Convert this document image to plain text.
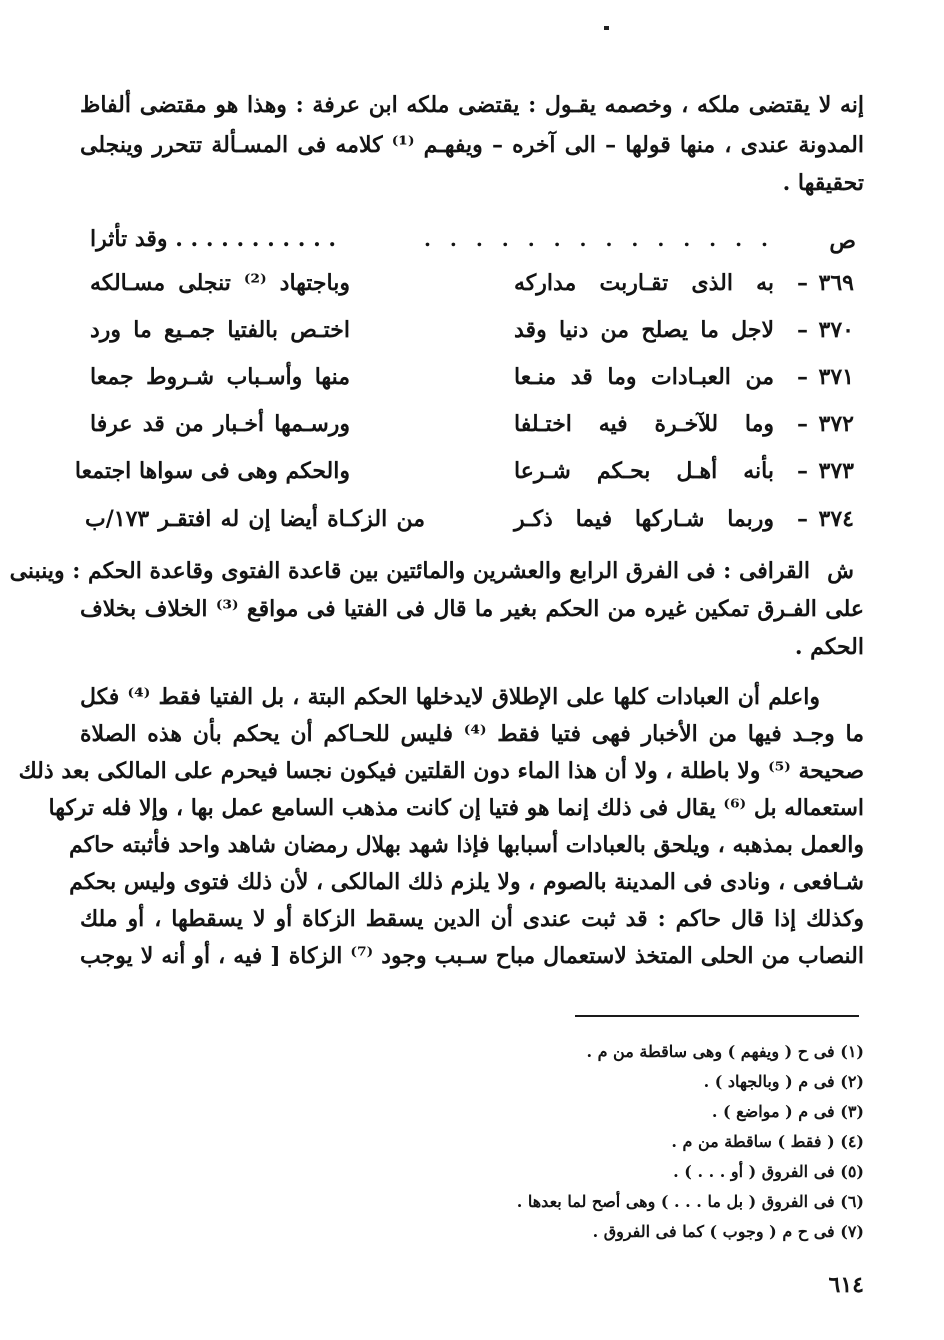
إنه لا يقتضى ملكه ، وخصمه يقـول : يقتضى ملكه ابن عرفة : وهذا هو مقتضى ألفاظ
المدونة عندى ، منها قولها – الى آخره – ويفهـم ⁽¹⁾ كلامه فى المسـألة تتحرر وينجلى
تحقيقها .
ص
. . . . . . . . . . . . . .
. . . . . . . . . . . وقد تأثرا
٣٦٩
–
به الذى تقـاربت مداركه
وباجتهاد ⁽²⁾ تنجلى مسـالكه
٣٧٠
–
لاجل ما يصلح من دنيا وقد
اختـص بالفتيا جمـيع ما ورد
٣٧١
–
من العبـادات وما قد منـعا
منها وأسـباب شـروط جمعا
٣٧٢
–
وما للآخـرة فيه اختـلفا
ورسـمها أخـبار من قد عرفا
٣٧٣
–
بأنه أهـل بحـكم شـرعا
والحكم وهى فى سواها اجتمعا
٣٧٤
–
وربما شـاركها فيما ذكـر
من الزكـاة أيضا إن له افتقـر ١٧٣/ب
ش
القرافى : فى الفرق الرابع والعشرين والمائتين بين قاعدة الفتوى وقاعدة الحكم : وينبنى
على الفـرق تمكين غيره من الحكم بغير ما قال فى الفتيا فى مواقع ⁽³⁾ الخلاف بخلاف
الحكم .
واعلم أن العبادات كلها على الإطلاق لايدخلها الحكم البتة ، بل الفتيا فقط ⁽⁴⁾ فكل
ما وجـد فيها من الأخبار فهى فتيا فقط ⁽⁴⁾ فليس للحـاكم أن يحكم بأن هذه الصلاة
صحيحة ⁽⁵⁾ ولا باطلة ، ولا أن هذا الماء دون القلتين فيكون نجسا فيحرم على المالكى بعد ذلك
استعماله بل ⁽⁶⁾ يقال فى ذلك إنما هو فتيا إن كانت مذهب السامع عمل بها ، وإلا فله تركها
والعمل بمذهبه ، ويلحق بالعبادات أسبابها فإذا شهد بهلال رمضان شاهد واحد فأثبته حاكم
شـافعى ، ونادى فى المدينة بالصوم ، ولا يلزم ذلك المالكى ، لأن ذلك فتوى وليس بحكم
وكذلك إذا قال حاكم : قد ثبت عندى أن الدين يسقط الزكاة أو لا يسقطها ، أو ملك
النصاب من الحلى المتخذ لاستعمال مباح سـبب وجود ⁽⁷⁾ الزكاة [ فيه ، أو أنه لا يوجب
(١) فى ح ( ويفهم ) وهى ساقطة من م .
(٢) فى م ( وبالجهاد ) .
(٣) فى م ( مواضع ) .
(٤) ( فقط ) ساقطة من م .
(٥) فى الفروق ( أو . . . ) .
(٦) فى الفروق ( بل ما . . . ) وهى أصح لما بعدها .
(٧) فى ح م ( وجوب ) كما فى الفروق .
٦١٤
